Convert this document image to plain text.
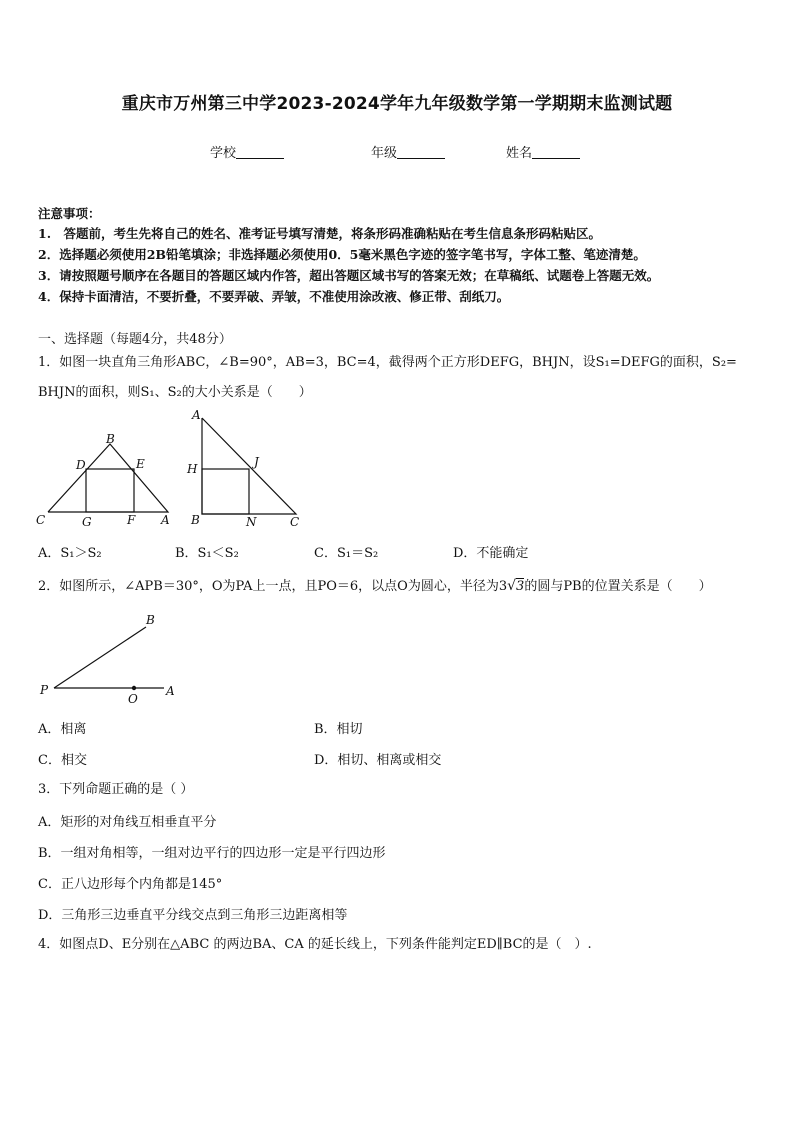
重庆市万州第三中学2023-2024学年九年级数学第一学期期末监测试题
学校	年级	姓名
注意事项：
1.　答题前，考生先将自己的姓名、准考证号填写清楚，将条形码准确粘贴在考生信息条形码粘贴区。
2．选择题必须使用2B铅笔填涂；非选择题必须使用0．5毫米黑色字迹的签字笔书写，字体工整、笔迹清楚。
3．请按照题号顺序在各题目的答题区域内作答，超出答题区域书写的答案无效；在草稿纸、试题卷上答题无效。
4．保持卡面清洁，不要折叠，不要弄破、弄皱，不准使用涂改液、修正带、刮纸刀。
一、选择题（每题4分，共48分）
1．如图一块直角三角形ABC，∠B=90°，AB=3，BC=4，截得两个正方形DEFG，BHJN，设S₁=DEFG的面积，S₂=
BHJN的面积，则S₁、S₂的大小关系是（　　）
B
D	E
C	G	F A
A
H	J
B	N	C
A．S₁＞S₂	B．S₁＜S₂	C．S₁＝S₂	D．不能确定
2．如图所示，∠APB＝30°，O为PA上一点，且PO＝6，以点O为圆心，半径为3√3的圆与PB的位置关系是（　　）
B
P
O
A
A．相离	B．相切
C．相交	D．相切、相离或相交
3．下列命题正确的是（ ）
A．矩形的对角线互相垂直平分
B．一组对角相等，一组对边平行的四边形一定是平行四边形
C．正八边形每个内角都是145°
D．三角形三边垂直平分线交点到三角形三边距离相等
4．如图点D、E分别在△ABC 的两边BA、CA 的延长线上，下列条件能判定ED∥BC的是（　）.
